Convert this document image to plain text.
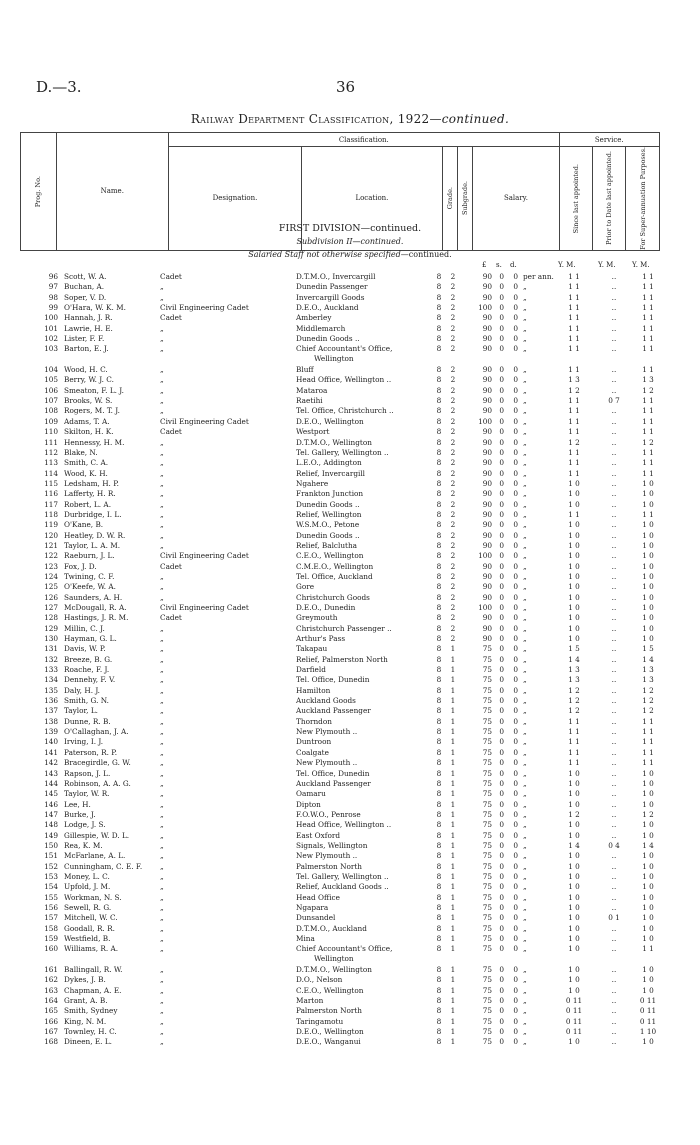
D.—3.	36
Railway Department Classification, 1922—continued.
Prog. No.	Name.	Classification.					Service.		
		Designation.	Location.	Grade.	Subgrade.	Salary.	Since last appointed.	Prior to Date last appointed.	For Super-annuation Purposes.
FIRST DIVISION—continued.
Subdivision II—continued.
Salaried Staff not otherwise specified—continued.
£ s. d.	Y. M.	Y. M. Y. M.
96 Scott, W. A.	Cadet	D.T.M.O., Invercargill	8	2	90	0	0 per ann.	1 1	..	1 1
97 Buchan, A.	„	Dunedin Passenger	8	2	90	0	0 „	1 1	..	1 1
98 Soper, V. D.	„	Invercargill Goods	8	2	90	0	0 „	1 1	..	1 1
99 O'Hara, W. K. M.	Civil Engineering Cadet	D.E.O., Auckland	8	2	100	0	0 „	1 1	..	1 1
100 Hannah, J. R.	Cadet	Amberley	8	2	90	0	0 „	1 1	..	1 1
101 Lawrie, H. E.	„	Middlemarch	8	2	90	0	0 „	1 1	..	1 1
102 Lister, F. F.	„	Dunedin Goods ..	8	2	90	0	0 „	1 1	..	1 1
103 Barton, E. J.	„	Chief Accountant's Office,	8	2	90	0	0 „	1 1	..	1 1
Wellington
104 Wood, H. C.	„	Bluff	8	2	90	0	0 „	1 1	..	1 1
105 Berry, W. J. C.	„	Head Office, Wellington ..	8	2	90	0	0 „	1 3	..	1 3
106 Smeaton, F. L. J.	„	Mataroa	8	2	90	0	0 „	1 2	..	1 2
107 Brooks, W. S.	„	Raetihi	8	2	90	0	0 „	1 1	0 7	1 1
108 Rogers, M. T. J.	„	Tel. Office, Christchurch ..	8	2	90	0	0 „	1 1	..	1 1
109 Adams, T. A.	Civil Engineering Cadet	D.E.O., Wellington	8	2	100	0	0 „	1 1	..	1 1
110 Skilton, H. K.	Cadet	Westport	8	2	90	0	0 „	1 1	..	1 1
111 Hennessy, H. M.	„	D.T.M.O., Wellington	8	2	90	0	0 „	1 2	..	1 2
112 Blake, N.	„	Tel. Gallery, Wellington ..	8	2	90	0	0 „	1 1	..	1 1
113 Smith, C. A.	„	L.E.O., Addington	8	2	90	0	0 „	1 1	..	1 1
114 Wood, K. H.	„	Relief, Invercargill	8	2	90	0	0 „	1 1	..	1 1
115 Ledsham, H. P.	„	Ngahere	8	2	90	0	0 „	1 0	..	1 0
116 Lafferty, H. R.	„	Frankton Junction	8	2	90	0	0 „	1 0	..	1 0
117 Robert, L. A.	„	Dunedin Goods ..	8	2	90	0	0 „	1 0	..	1 0
118 Durbridge, I. L.	„	Relief, Wellington	8	2	90	0	0 „	1 1	..	1 1
119 O'Kane, B.	„	W.S.M.O., Petone	8	2	90	0	0 „	1 0	..	1 0
120 Heatley, D. W. R.	„	Dunedin Goods ..	8	2	90	0	0 „	1 0	..	1 0
121 Taylor, L. A. M.	„	Relief, Balclutha	8	2	90	0	0 „	1 0	..	1 0
122 Raeburn, J. L.	Civil Engineering Cadet	C.E.O., Wellington	8	2	100	0	0 „	1 0	..	1 0
123 Fox, J. D.	Cadet	C.M.E.O., Wellington	8	2	90	0	0 „	1 0	..	1 0
124 Twining, C. F.	„	Tel. Office, Auckland	8	2	90	0	0 „	1 0	..	1 0
125 O'Keefe, W. A.	„	Gore	8	2	90	0	0 „	1 0	..	1 0
126 Saunders, A. H.	„	Christchurch Goods	8	2	90	0	0 „	1 0	..	1 0
127 McDougall, R. A.	Civil Engineering Cadet	D.E.O., Dunedin	8	2	100	0	0 „	1 0	..	1 0
128 Hastings, J. R. M.	Cadet	Greymouth	8	2	90	0	0 „	1 0	..	1 0
129 Millin, C. J.	„	Christchurch Passenger ..	8	2	90	0	0 „	1 0	..	1 0
130 Hayman, G. L.	„	Arthur's Pass	8	2	90	0	0 „	1 0	..	1 0
131 Davis, W. P.	„	Takapau	8	1	75	0	0 „	1 5	..	1 5
132 Breeze, B. G.	„	Relief, Palmerston North	8	1	75	0	0 „	1 4	..	1 4
133 Roache, F. J.	„	Darfield	8	1	75	0	0 „	1 3	..	1 3
134 Dennehy, F. V.	„	Tel. Office, Dunedin	8	1	75	0	0 „	1 3	..	1 3
135 Daly, H. J.	„	Hamilton	8	1	75	0	0 „	1 2	..	1 2
136 Smith, G. N.	„	Auckland Goods	8	1	75	0	0 „	1 2	..	1 2
137 Taylor, L.	„	Auckland Passenger	8	1	75	0	0 „	1 2	..	1 2
138 Dunne, R. B.	„	Thorndon	8	1	75	0	0 „	1 1	..	1 1
139 O'Callaghan, J. A.	„	New Plymouth ..	8	1	75	0	0 „	1 1	..	1 1
140 Irving, I. J.	„	Duntroon	8	1	75	0	0 „	1 1	..	1 1
141 Paterson, R. P.	„	Coalgate	8	1	75	0	0 „	1 1	..	1 1
142 Bracegirdle, G. W.	„	New Plymouth ..	8	1	75	0	0 „	1 1	..	1 1
143 Rapson, J. L.	„	Tel. Office, Dunedin	8	1	75	0	0 „	1 0	..	1 0
144 Robinson, A. A. G.	„	Auckland Passenger	8	1	75	0	0 „	1 0	..	1 0
145 Taylor, W. R.	„	Oamaru	8	1	75	0	0 „	1 0	..	1 0
146 Lee, H.	„	Dipton	8	1	75	0	0 „	1 0	..	1 0
147 Burke, J.	„	F.O.W.O., Penrose	8	1	75	0	0 „	1 2	..	1 2
148 Lodge, J. S.	„	Head Office, Wellington ..	8	1	75	0	0 „	1 0	..	1 0
149 Gillespie, W. D. L.	„	East Oxford	8	1	75	0	0 „	1 0	..	1 0
150 Rea, K. M.	„	Signals, Wellington	8	1	75	0	0 „	1 4	0 4	1 4
151 McFarlane, A. L.	„	New Plymouth ..	8	1	75	0	0 „	1 0	..	1 0
152 Cunningham, C. E. F.	„	Palmerston North	8	1	75	0	0 „	1 0	..	1 0
153 Money, L. C.	„	Tel. Gallery, Wellington ..	8	1	75	0	0 „	1 0	..	1 0
154 Upfold, J. M.	„	Relief, Auckland Goods ..	8	1	75	0	0 „	1 0	..	1 0
155 Workman, N. S.	„	Head Office	8	1	75	0	0 „	1 0	..	1 0
156 Sewell, R. G.	„	Ngapara	8	1	75	0	0 „	1 0	..	1 0
157 Mitchell, W. C.	„	Dunsandel	8	1	75	0	0 „	1 0	0 1	1 0
158 Goodall, R. R.	„	D.T.M.O., Auckland	8	1	75	0	0 „	1 0	..	1 0
159 Westfield, B.	„	Mina	8	1	75	0	0 „	1 0	..	1 0
160 Williams, R. A.	„	Chief Accountant's Office,	8	1	75	0	0 „	1 0	..	1 1
Wellington
161 Ballingall, R. W.	„	D.T.M.O., Wellington	8	1	75	0	0 „	1 0	..	1 0
162 Dykes, J. B.	„	D.O., Nelson	8	1	75	0	0 „	1 0	..	1 0
163 Chapman, A. E.	„	C.E.O., Wellington	8	1	75	0	0 „	1 0	..	1 0
164 Grant, A. B.	„	Marton	8	1	75	0	0 „	0 11	..	0 11
165 Smith, Sydney	„	Palmerston North	8	1	75	0	0 „	0 11	..	0 11
166 King, N. M.	„	Taringamotu	8	1	75	0	0 „	0 11	..	0 11
167 Townley, H. C.	„	D.E.O., Wellington	8	1	75	0	0 „	0 11	..	1 10
168 Dineen, E. L.	„	D.E.O., Wanganui	8	1	75	0	0 „	1 0	..	1 0
